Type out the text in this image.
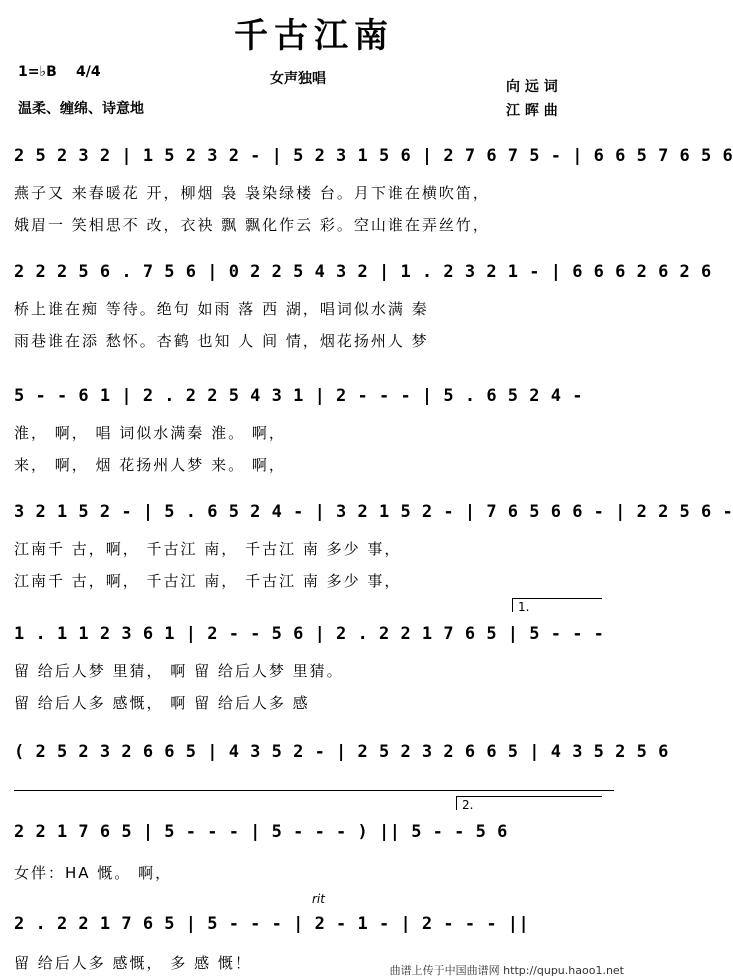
千古江南
1=♭B 4/4
温柔、缠绵、诗意地
女声独唱	向 远 词
江 晖 曲
2 5 2 3 2 | 1 5 2 3 2 - | 5 2 3 1 5 6 | 2 7 6 7 5 - | 6 6 5 7 6 5 6
燕子又 来春暖花 开，柳烟 袅 袅染绿楼 台。月下谁在横吹笛，
娥眉一 笑相思不 改，衣袂 飘 飘化作云 彩。空山谁在弄丝竹，
2 2 2 5 6 . 7 5 6 | 0 2 2 5 4 3 2 | 1 . 2 3 2 1 - | 6 6 6 2 6 2 6
桥上谁在痴 等待。绝句 如雨 落 西 湖，唱词似水满 秦
雨巷谁在添 愁怀。杏鹤 也知 人 间 情，烟花扬州人 梦
5 - - 6 1 | 2 . 2 2 5 4 3 1 | 2 - - - | 5 . 6 5 2 4 -
淮， 啊， 唱 词似水满秦 淮。 啊，
来， 啊， 烟 花扬州人梦 来。 啊，
3 2 1 5 2 - | 5 . 6 5 2 4 - | 3 2 1 5 2 - | 7 6 5 6 6 - | 2 2 5 6 -
江南千 古，啊， 千古江 南， 千古江 南 多少 事，
江南千 古，啊， 千古江 南， 千古江 南 多少 事，
1.
1 . 1 1 2 3 6 1 | 2 - - 5 6 | 2 . 2 2 1 7 6 5 | 5 - - -
留 给后人梦 里猜， 啊 留 给后人梦 里猜。
留 给后人多 感慨， 啊 留 给后人多 感
( 2 5 2 3 2 6 6 5 | 4 3 5 2 - | 2 5 2 3 2 6 6 5 | 4 3 5 2 5 6
2.
2 2 1 7 6 5 | 5 - - - | 5 - - - ) || 5 - - 5 6
女伴：HA 慨。 啊，
rit
2 . 2 2 1 7 6 5 | 5 - - - | 2 - 1 - | 2 - - - ||
留 给后人多 感慨， 多 感 慨！	曲谱上传于中国曲谱网 http://qupu.haoo1.net
